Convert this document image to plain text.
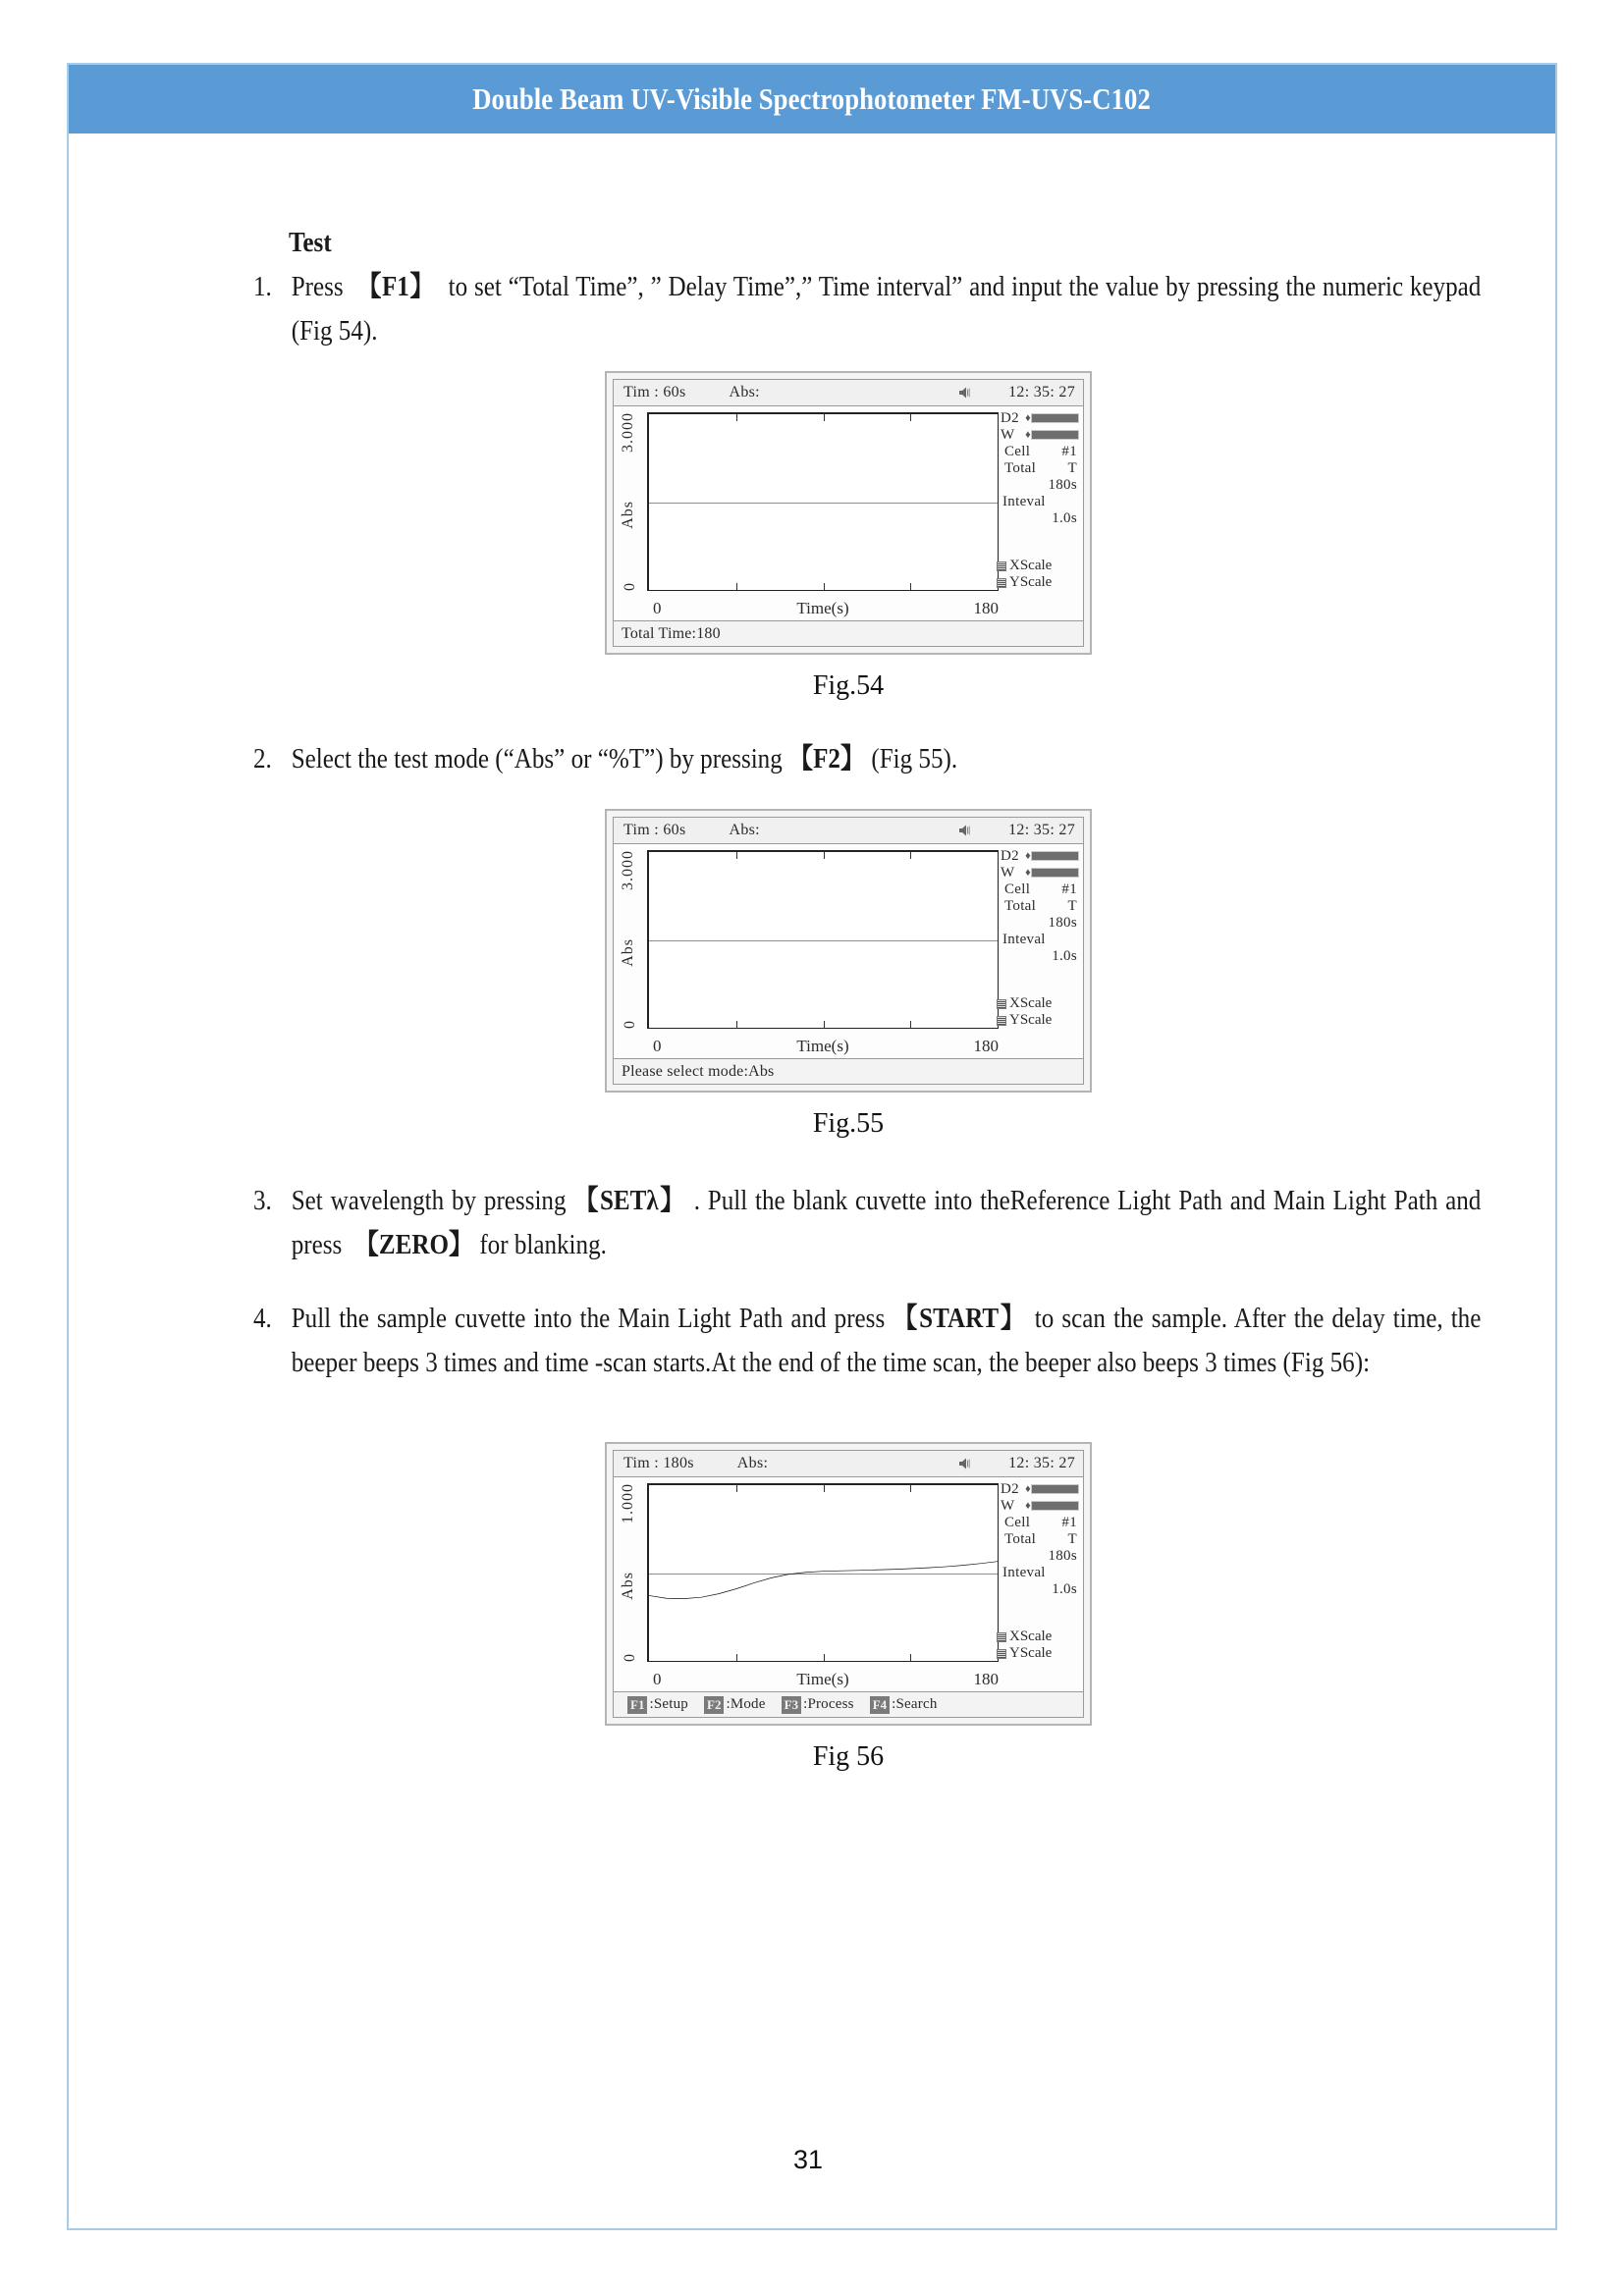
Double Beam UV-Visible Spectrophotometer FM-UVS-C102
Test
1. Press 【F1】 to set “Total Time”, ” Delay Time”,” Time interval” and input the value by pressing the numeric keypad (Fig 54).
Tim : 60s	Abs:	12: 35: 27
3.000
Abs
0
0	Time(s)	180
D2 ♦
W ♦
Cell #1
Total T
180s
Inteval
1.0s
XScale
YScale
Total Time:180
Fig.54
2. Select the test mode (“Abs” or “%T”) by pressing 【F2】 (Fig 55).
Tim : 60s	Abs:	12: 35: 27
3.000
Abs
0
0	Time(s)	180
D2 ♦
W ♦
Cell #1
Total T
180s
Inteval
1.0s
XScale
YScale
Please select mode:Abs
Fig.55
3. Set wavelength by pressing 【SETλ】 . Pull the blank cuvette into theReference Light Path and Main Light Path and press 【ZERO】 for blanking.
4. Pull the sample cuvette into the Main Light Path and press 【START】 to scan the sample. After the delay time, the beeper beeps 3 times and time -scan starts.At the end of the time scan, the beeper also beeps 3 times (Fig 56):
Tim : 180s	Abs:	12: 35: 27
1.000
Abs
0
0	Time(s)	180
D2 ♦
W ♦
Cell #1
Total T
180s
Inteval
1.0s
XScale
YScale
F1 :Setup F2 :Mode F3 :Process F4 :Search
Fig 56
31
